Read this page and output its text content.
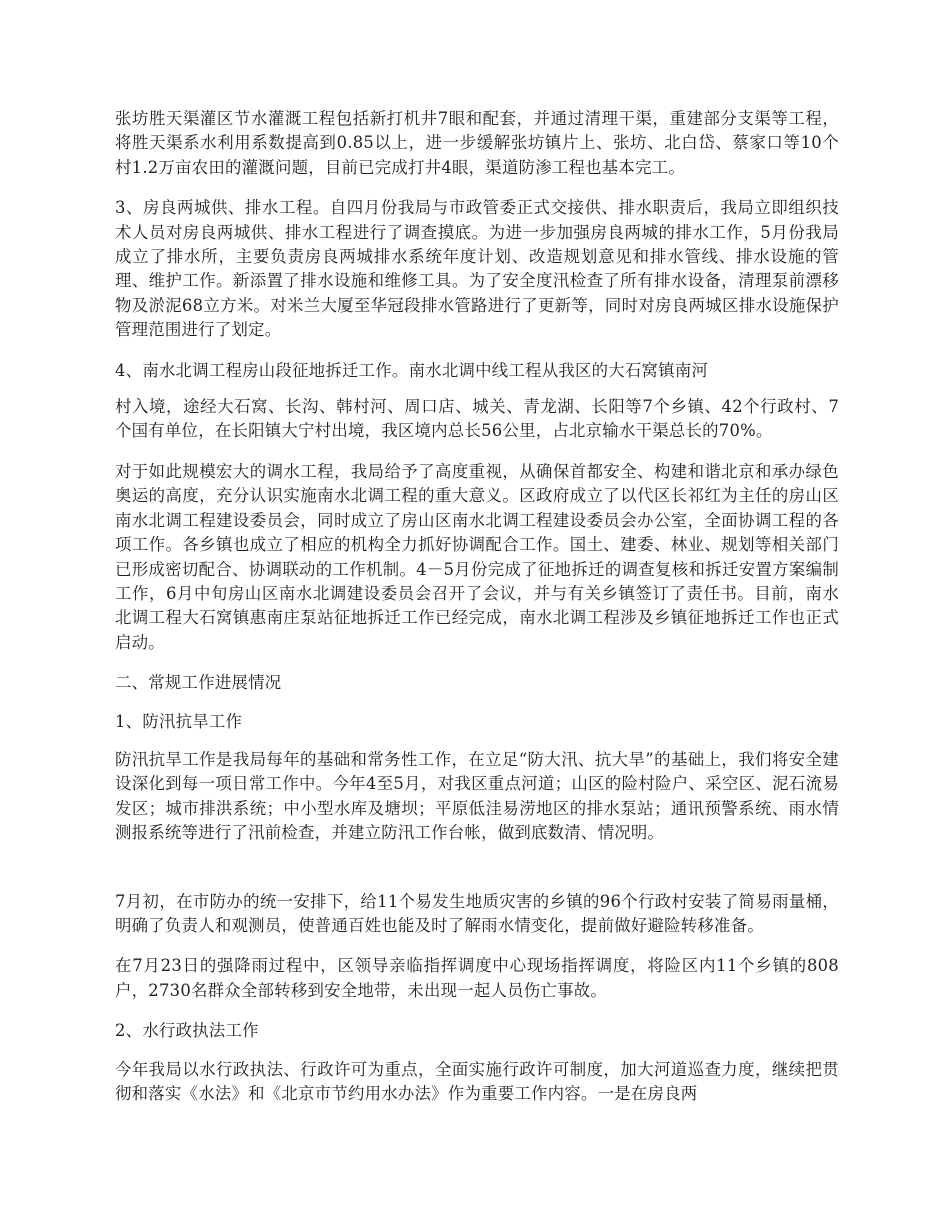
张坊胜天渠灌区节水灌溉工程包括新打机井7眼和配套，并通过清理干渠，重建部分支渠等工程，将胜天渠系水利用系数提高到0.85以上，进一步缓解张坊镇片上、张坊、北白岱、蔡家口等10个村1.2万亩农田的灌溉问题，目前已完成打井4眼，渠道防渗工程也基本完工。

3、房良两城供、排水工程。自四月份我局与市政管委正式交接供、排水职责后，我局立即组织技术人员对房良两城供、排水工程进行了调查摸底。为进一步加强房良两城的排水工作，5月份我局成立了排水所，主要负责房良两城排水系统年度计划、改造规划意见和排水管线、排水设施的管理、维护工作。新添置了排水设施和维修工具。为了安全度汛检查了所有排水设备，清理泵前漂移物及淤泥68立方米。对米兰大厦至华冠段排水管路进行了更新等，同时对房良两城区排水设施保护管理范围进行了划定。

4、南水北调工程房山段征地拆迁工作。南水北调中线工程从我区的大石窝镇南河

村入境，途经大石窝、长沟、韩村河、周口店、城关、青龙湖、长阳等7个乡镇、42个行政村、7个国有单位，在长阳镇大宁村出境，我区境内总长56公里，占北京输水干渠总长的70%。

对于如此规模宏大的调水工程，我局给予了高度重视，从确保首都安全、构建和谐北京和承办绿色奥运的高度，充分认识实施南水北调工程的重大意义。区政府成立了以代区长祁红为主任的房山区南水北调工程建设委员会，同时成立了房山区南水北调工程建设委员会办公室，全面协调工程的各项工作。各乡镇也成立了相应的机构全力抓好协调配合工作。国土、建委、林业、规划等相关部门已形成密切配合、协调联动的工作机制。4－5月份完成了征地拆迁的调查复核和拆迁安置方案编制工作，6月中旬房山区南水北调建设委员会召开了会议，并与有关乡镇签订了责任书。目前，南水北调工程大石窝镇惠南庄泵站征地拆迁工作已经完成，南水北调工程涉及乡镇征地拆迁工作也正式启动。

二、常规工作进展情况

1、防汛抗旱工作

防汛抗旱工作是我局每年的基础和常务性工作，在立足“防大汛、抗大旱”的基础上，我们将安全建设深化到每一项日常工作中。今年4至5月，对我区重点河道；山区的险村险户、采空区、泥石流易发区；城市排洪系统；中小型水库及塘坝；平原低洼易涝地区的排水泵站；通讯预警系统、雨水情测报系统等进行了汛前检查，并建立防汛工作台帐，做到底数清、情况明。

7月初，在市防办的统一安排下，给11个易发生地质灾害的乡镇的96个行政村安装了简易雨量桶，明确了负责人和观测员，使普通百姓也能及时了解雨水情变化，提前做好避险转移准备。

在7月23日的强降雨过程中，区领导亲临指挥调度中心现场指挥调度，将险区内11个乡镇的808户，2730名群众全部转移到安全地带，未出现一起人员伤亡事故。

2、水行政执法工作

今年我局以水行政执法、行政许可为重点，全面实施行政许可制度，加大河道巡查力度，继续把贯彻和落实《水法》和《北京市节约用水办法》作为重要工作内容。一是在房良两
